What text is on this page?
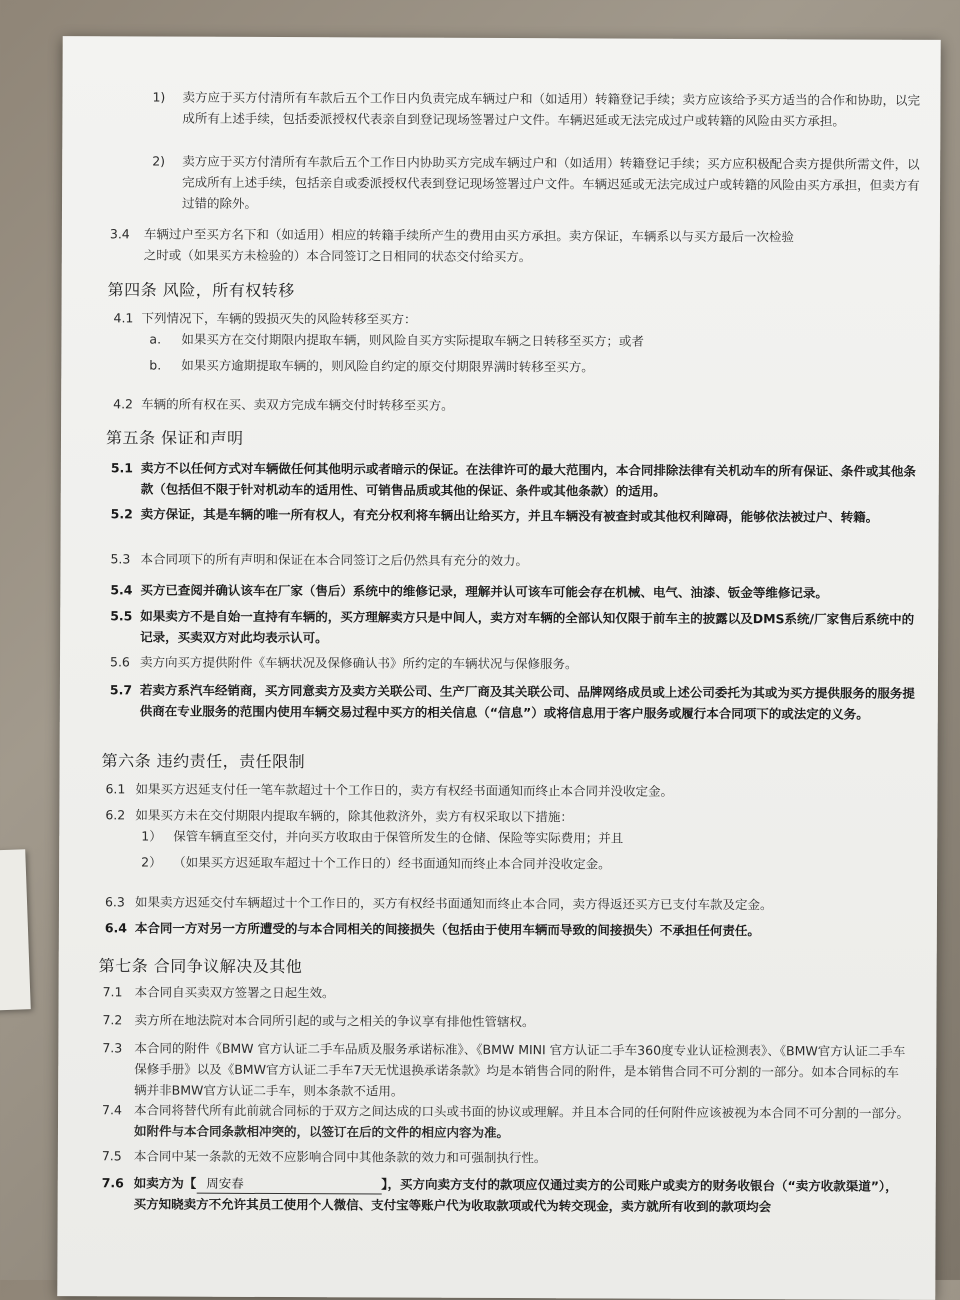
1) 卖方应于买方付清所有车款后五个工作日内负责完成车辆过户和（如适用）转籍登记手续；卖方应该给予买方适当的合作和协助，以完成所有上述手续，包括委派授权代表亲自到登记现场签署过户文件。车辆迟延或无法完成过户或转籍的风险由买方承担。
2) 卖方应于买方付清所有车款后五个工作日内协助买方完成车辆过户和（如适用）转籍登记手续；买方应积极配合卖方提供所需文件，以完成所有上述手续，包括亲自或委派授权代表到登记现场签署过户文件。车辆迟延或无法完成过户或转籍的风险由买方承担，但卖方有过错的除外。
3.4 车辆过户至买方名下和（如适用）相应的转籍手续所产生的费用由买方承担。卖方保证，车辆系以与买方最后一次检验之时或（如果买方未检验的）本合同签订之日相同的状态交付给买方。
第四条 风险，所有权转移
4.1 下列情况下，车辆的毁损灭失的风险转移至买方：
a. 如果买方在交付期限内提取车辆，则风险自买方实际提取车辆之日转移至买方；或者
b. 如果买方逾期提取车辆的，则风险自约定的原交付期限界满时转移至买方。
4.2 车辆的所有权在买、卖双方完成车辆交付时转移至买方。
第五条 保证和声明
5.1 卖方不以任何方式对车辆做任何其他明示或者暗示的保证。在法律许可的最大范围内，本合同排除法律有关机动车的所有保证、条件或其他条款（包括但不限于针对机动车的适用性、可销售品质或其他的保证、条件或其他条款）的适用。
5.2 卖方保证，其是车辆的唯一所有权人，有充分权利将车辆出让给买方，并且车辆没有被查封或其他权利障碍，能够依法被过户、转籍。
5.3 本合同项下的所有声明和保证在本合同签订之后仍然具有充分的效力。
5.4 买方已查阅并确认该车在厂家（售后）系统中的维修记录，理解并认可该车可能会存在机械、电气、油漆、钣金等维修记录。
5.5 如果卖方不是自始一直持有车辆的，买方理解卖方只是中间人，卖方对车辆的全部认知仅限于前车主的披露以及DMS系统/厂家售后系统中的记录，买卖双方对此均表示认可。
5.6 卖方向买方提供附件《车辆状况及保修确认书》所约定的车辆状况与保修服务。
5.7 若卖方系汽车经销商，买方同意卖方及卖方关联公司、生产厂商及其关联公司、品牌网络成员或上述公司委托为其或为买方提供服务的服务提供商在专业服务的范围内使用车辆交易过程中买方的相关信息（“信息”）或将信息用于客户服务或履行本合同项下的或法定的义务。
第六条 违约责任，责任限制
6.1 如果买方迟延支付任一笔车款超过十个工作日的，卖方有权经书面通知而终止本合同并没收定金。
6.2 如果买方未在交付期限内提取车辆的，除其他救济外，卖方有权采取以下措施：
1） 保管车辆直至交付，并向买方收取由于保管所发生的仓储、保险等实际费用；并且
2） （如果买方迟延取车超过十个工作日的）经书面通知而终止本合同并没收定金。
6.3 如果卖方迟延交付车辆超过十个工作日的，买方有权经书面通知而终止本合同，卖方得返还买方已支付车款及定金。
6.4 本合同一方对另一方所遭受的与本合同相关的间接损失（包括由于使用车辆而导致的间接损失）不承担任何责任。
第七条 合同争议解决及其他
7.1 本合同自买卖双方签署之日起生效。
7.2 卖方所在地法院对本合同所引起的或与之相关的争议享有排他性管辖权。
7.3 本合同的附件《BMW 官方认证二手车品质及服务承诺标准》、《BMW MINI 官方认证二手车360度专业认证检测表》、《BMW官方认证二手车保修手册》以及《BMW官方认证二手车7天无忧退换承诺条款》均是本销售合同的附件，是本销售合同不可分割的一部分。如本合同标的车辆并非BMW官方认证二手车，则本条款不适用。
7.4 本合同将替代所有此前就合同标的于双方之间达成的口头或书面的协议或理解。并且本合同的任何附件应该被视为本合同不可分割的一部分。如附件与本合同条款相冲突的，以签订在后的文件的相应内容为准。
7.5 本合同中某一条款的无效不应影响合同中其他条款的效力和可强制执行性。
7.6 如卖方为【 周安春	】，买方向卖方支付的款项应仅通过卖方的公司账户或卖方的财务收银台（“卖方收款渠道”），买方知晓卖方不允许其员工使用个人微信、支付宝等账户代为收取款项或代为转交现金，卖方就所有收到的款项均会
